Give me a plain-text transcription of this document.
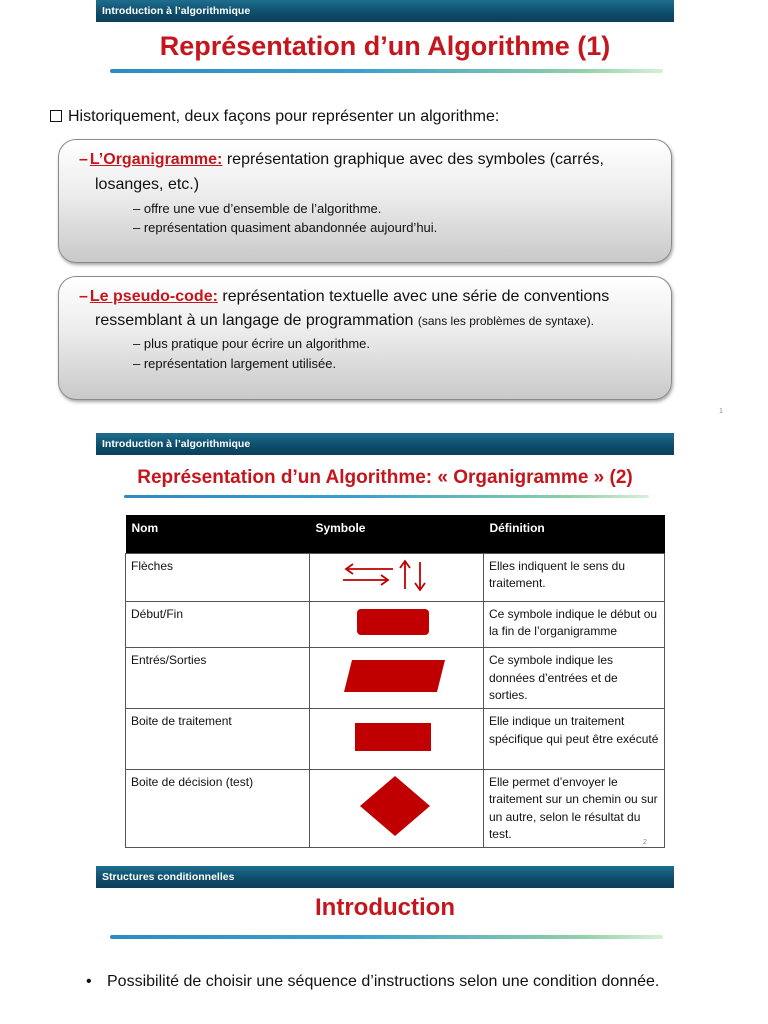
Introduction à l’algorithmique
Représentation d’un Algorithme (1)
Historiquement, deux façons pour représenter un algorithme:
– L’Organigramme: représentation graphique avec des symboles (carrés, losanges, etc.)
– offre une vue d’ensemble de l’algorithme.
– représentation quasiment abandonnée aujourd’hui.
– Le pseudo-code: représentation textuelle avec une série de conventions ressemblant à un langage de programmation (sans les problèmes de syntaxe).
– plus pratique pour écrire un algorithme.
– représentation largement utilisée.
1
Introduction à l’algorithmique
Représentation d’un Algorithme: « Organigramme » (2)
Nom	Symbole	Définition
Flèches		Elles indiquent le sens du traitement.
Début/Fin		Ce symbole indique le début ou la fin de l’organigramme
Entrés/Sorties		Ce symbole indique les données d’entrées et de sorties.
Boite de traitement		Elle indique un traitement spécifique qui peut être exécuté
Boite de décision (test)		Elle permet d’envoyer le traitement sur un chemin ou sur un autre, selon le résultat du test.
2
Structures conditionnelles
Introduction
• Possibilité de choisir une séquence d’instructions selon une condition donnée.
